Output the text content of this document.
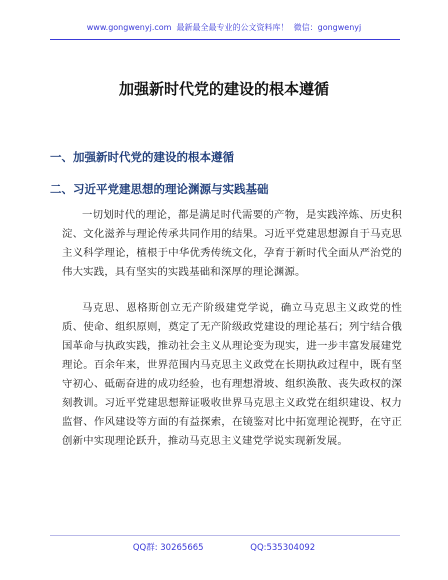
www.gongwenyj.com  最新最全最专业的公文资料库！  微信：gongwenyj
加强新时代党的建设的根本遵循
一、加强新时代党的建设的根本遵循
二、习近平党建思想的理论渊源与实践基础
一切划时代的理论，都是满足时代需要的产物，是实践淬炼、历史积淀、文化滋养与理论传承共同作用的结果。习近平党建思想源自于马克思主义科学理论，植根于中华优秀传统文化，孕育于新时代全面从严治党的伟大实践，具有坚实的实践基础和深厚的理论渊源。
马克思、恩格斯创立无产阶级建党学说，确立马克思主义政党的性质、使命、组织原则，奠定了无产阶级政党建设的理论基石；列宁结合俄国革命与执政实践，推动社会主义从理论变为现实，进一步丰富发展建党理论。百余年来，世界范围内马克思主义政党在长期执政过程中，既有坚守初心、砥砺奋进的成功经验，也有理想滑坡、组织涣散、丧失政权的深刻教训。习近平党建思想辩证吸收世界马克思主义政党在组织建设、权力监督、作风建设等方面的有益探索，在镜鉴对比中拓宽理论视野，在守正创新中实现理论跃升，推动马克思主义建党学说实现新发展。
QQ群: 30265665	QQ:535304092
